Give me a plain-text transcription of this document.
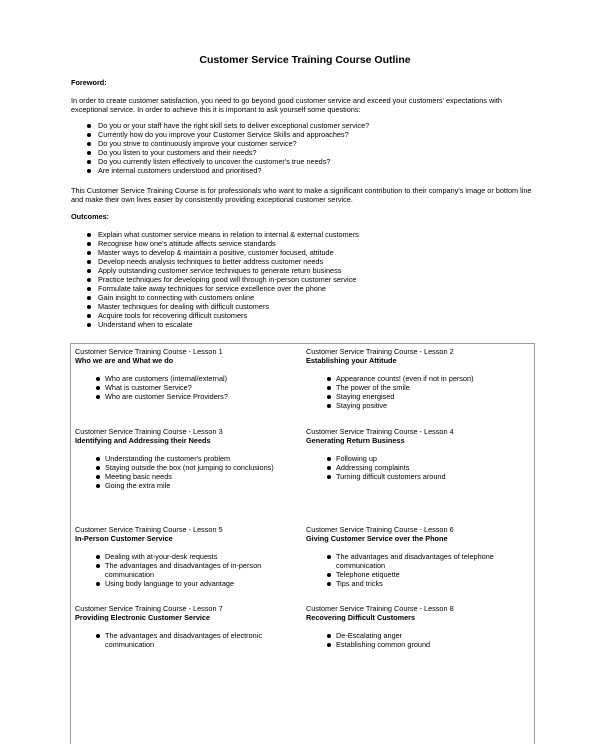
Customer Service Training Course Outline

Foreword:

In order to create customer satisfaction, you need to go beyond good customer service and exceed your customers' expectations with exceptional service. In order to achieve this it is important to ask yourself some questions:

Do you or your staff have the right skill sets to deliver exceptional customer service?
Currently how do you improve your Customer Service Skills and approaches?
Do you strive to continuously improve your customer service?
Do you listen to your customers and their needs?
Do you currently listen effectively to uncover the customer's true needs?
Are internal customers understood and prioritised?

This Customer Service Training Course is for professionals who want to make a significant contribution to their company's image or bottom line and make their own lives easier by consistently providing exceptional customer service.

Outcomes:

Explain what customer service means in relation to internal & external customers
Recognise how one's attitude affects service standards
Master ways to develop & maintain a positive, customer focused, attitude
Develop needs analysis techniques to better address customer needs
Apply outstanding customer service techniques to generate return business
Practice techniques for developing good will through in-person customer service
Formulate take away techniques for service excellence over the phone
Gain insight to connecting with customers online
Master techniques for dealing with difficult customers
Acquire tools for recovering difficult customers
Understand when to escalate
Customer Service Training Course - Lesson 1
Who we are and What we do
Who are customers (internal/external)
What is customer Service?
Who are customer Service Providers?
Customer Service Training Course - Lesson 2
Establishing your Attitude
Appearance counts! (even if not in person)
The power of the smile
Staying energised
Staying positive
Customer Service Training Course - Lesson 3
Identifying and Addressing their Needs
Understanding the customer's problem
Staying outside the box (not jumping to conclusions)
Meeting basic needs
Going the extra mile
Customer Service Training Course - Lesson 4
Generating Return Business
Following up
Addressing complaints
Turning difficult customers around
Customer Service Training Course - Lesson 5
In-Person Customer Service
Dealing with at-your-desk requests
The advantages and disadvantages of in-person communication
Using body language to your advantage
Customer Service Training Course - Lesson 6
Giving Customer Service over the Phone
The advantages and disadvantages of telephone communication
Telephone etiquette
Tips and tricks
Customer Service Training Course - Lesson 7
Providing Electronic Customer Service
The advantages and disadvantages of electronic communication
Customer Service Training Course - Lesson 8
Recovering Difficult Customers
De-Escalating anger
Establishing common ground
